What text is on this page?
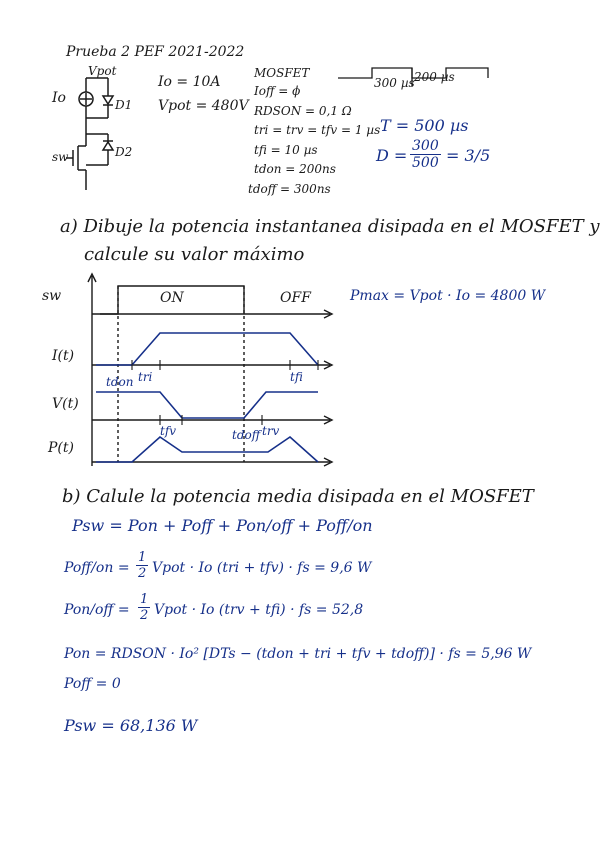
Prueba 2 PEF 2021-2022
Vpot
Io	D1
D2
sw
Io = 10A
Vpot = 480V
MOSFET
Ioff = ϕ
RDSON = 0,1 Ω
tri = trv = tfv = 1 µs
tfi = 10 µs
tdon = 200ns
tdoff = 300ns
300 µs 200 µs
T = 500 µs
$D = \frac{300}{500} = 3/5$
a) Dibuje la potencia instantanea disipada en el MOSFET y
calcule su valor máximo
sw	ON	OFF	Pmax = Vpot · Io = 4800 W
I(t)
V(t)
P(t)
tdon tri	tfi
tfv	tdoff trv
b) Calule la potencia media disipada en el MOSFET
Psw = Pon + Poff + Pon/off + Poff/on
Poff/on = $\frac{1}{2}$ Vpot · Io (tri + tfv) · fs = 9,6 W
$Pon/off = \frac{1}{2}$ Vpot · Io (trv + tfi) · fs = 52,8
Pon = RDSON · Io² [DTs − (tdon + tri + tfv + tdoff)] · fs = 5,96 W
Poff = 0
Psw = 68,136 W
